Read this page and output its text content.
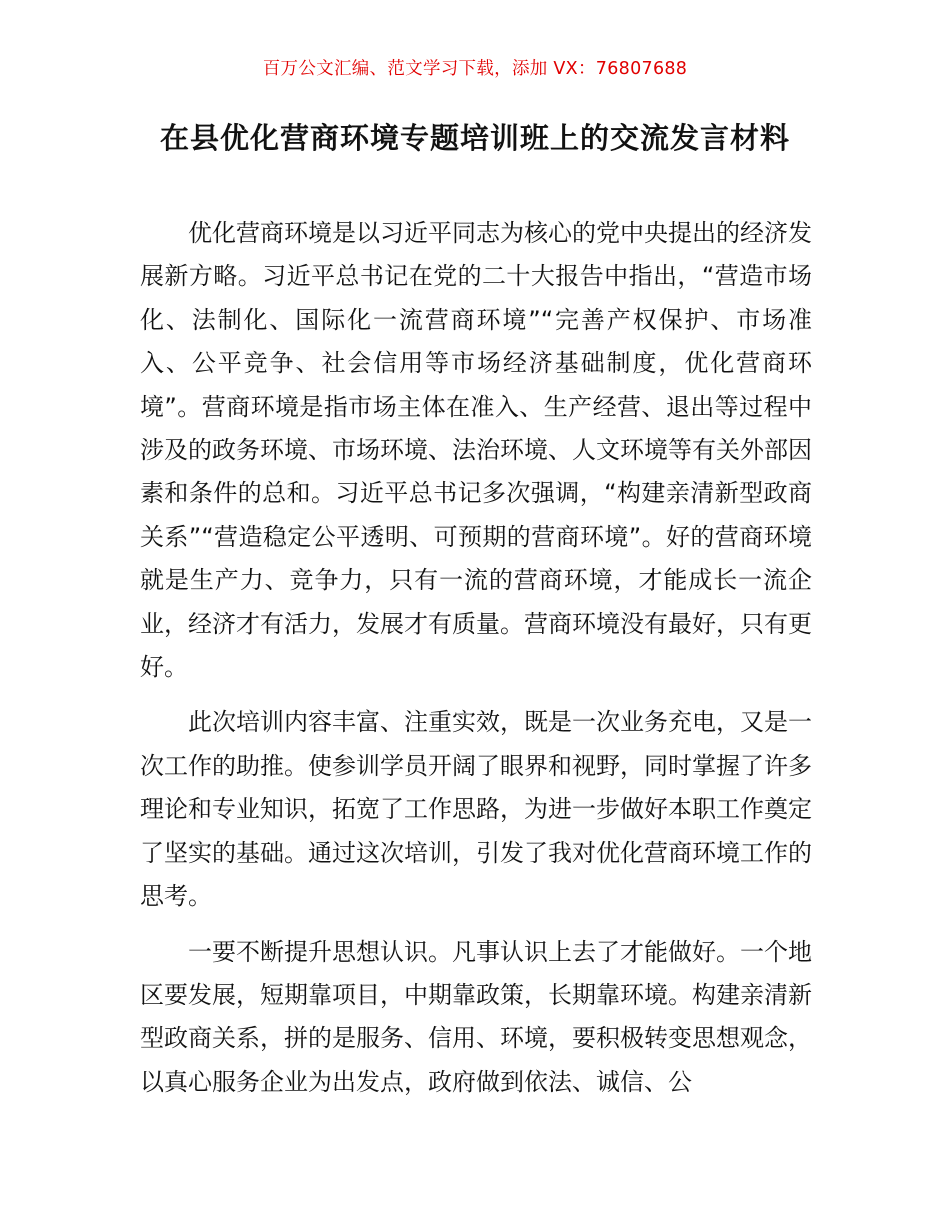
百万公文汇编、范文学习下载，添加 VX：76807688
在县优化营商环境专题培训班上的交流发言材料

优化营商环境是以习近平同志为核心的党中央提出的经济发展新方略。习近平总书记在党的二十大报告中指出，“营造市场化、法制化、国际化一流营商环境”“完善产权保护、市场准入、公平竞争、社会信用等市场经济基础制度，优化营商环境”。营商环境是指市场主体在准入、生产经营、退出等过程中涉及的政务环境、市场环境、法治环境、人文环境等有关外部因素和条件的总和。习近平总书记多次强调，“构建亲清新型政商关系”“营造稳定公平透明、可预期的营商环境”。好的营商环境就是生产力、竞争力，只有一流的营商环境，才能成长一流企业，经济才有活力，发展才有质量。营商环境没有最好，只有更好。

此次培训内容丰富、注重实效，既是一次业务充电，又是一次工作的助推。使参训学员开阔了眼界和视野，同时掌握了许多理论和专业知识，拓宽了工作思路，为进一步做好本职工作奠定了坚实的基础。通过这次培训，引发了我对优化营商环境工作的思考。

一要不断提升思想认识。凡事认识上去了才能做好。一个地区要发展，短期靠项目，中期靠政策，长期靠环境。构建亲清新型政商关系，拼的是服务、信用、环境，要积极转变思想观念，以真心服务企业为出发点，政府做到依法、诚信、公
